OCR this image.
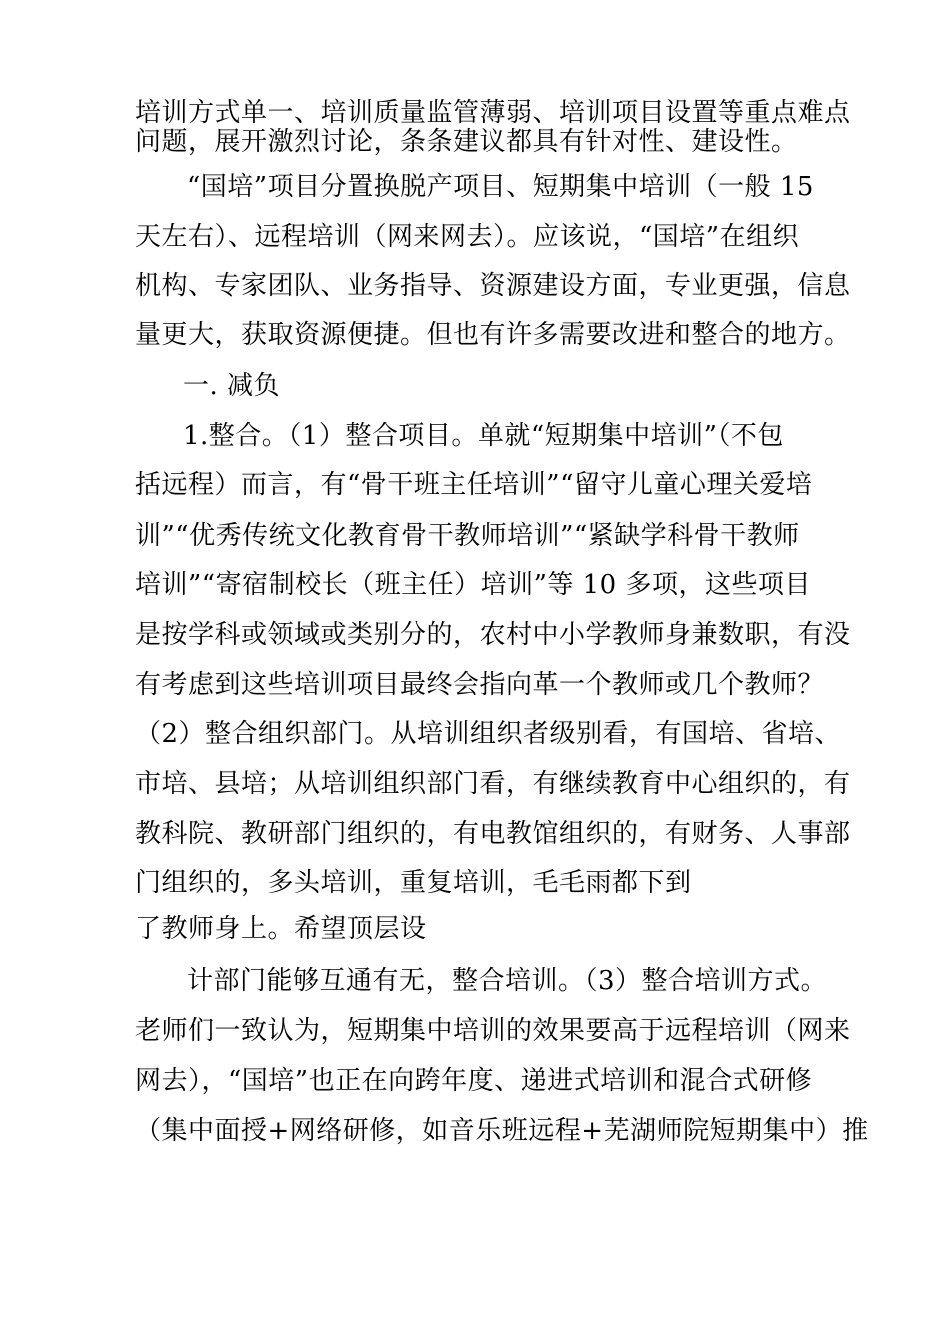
培训方式单一、培训质量监管薄弱、培训项目设置等重点难点
问题，展开激烈讨论，条条建议都具有针对性、建设性。
“国培”项目分置换脱产项目、短期集中培训（一般 15
天左右）、远程培训（网来网去）。应该说，“国培”在组织
机构、专家团队、业务指导、资源建设方面，专业更强，信息
量更大，获取资源便捷。但也有许多需要改进和整合的地方。
一. 减负
1.整合。（1）整合项目。单就“短期集中培训”（不包
括远程）而言，有“骨干班主任培训”“留守儿童心理关爱培
训”“优秀传统文化教育骨干教师培训”“紧缺学科骨干教师
培训”“寄宿制校长（班主任）培训”等 10 多项，这些项目
是按学科或领域或类别分的，农村中小学教师身兼数职，有没
有考虑到这些培训项目最终会指向革一个教师或几个教师？
（2）整合组织部门。从培训组织者级别看，有国培、省培、
市培、县培；从培训组织部门看，有继续教育中心组织的，有
教科院、教研部门组织的，有电教馆组织的，有财务、人事部
门组织的，多头培训，重复培训，毛毛雨都下到
了教师身上。希望顶层设
计部门能够互通有无，整合培训。（3）整合培训方式。
老师们一致认为，短期集中培训的效果要高于远程培训（网来
网去），“国培”也正在向跨年度、递进式培训和混合式研修
（集中面授+网络研修，如音乐班远程+芜湖师院短期集中）推
